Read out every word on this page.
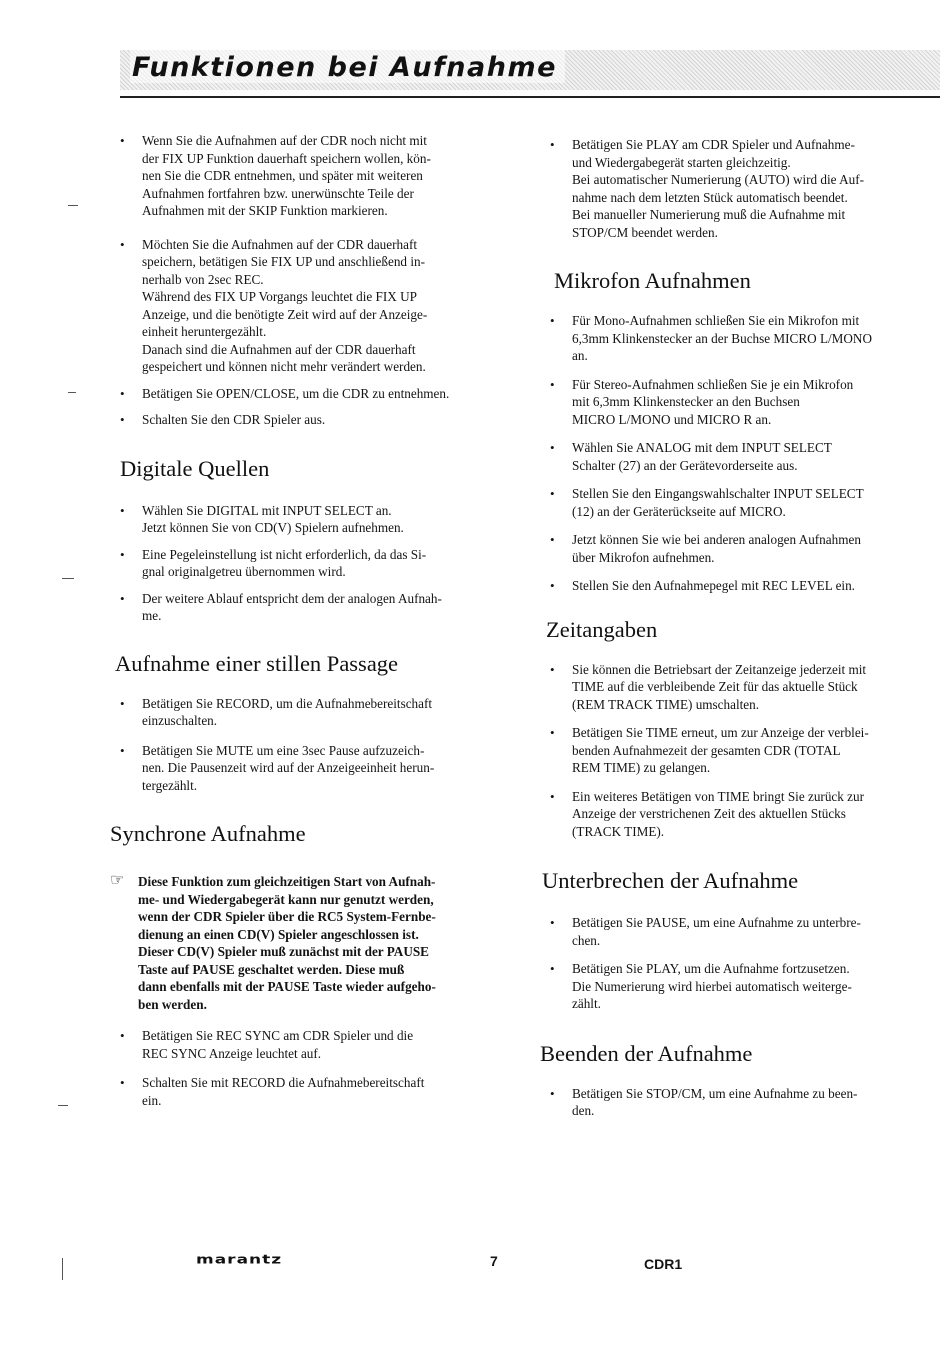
Funktionen bei Aufnahme

• Wenn Sie die Aufnahmen auf der CDR noch nicht mit
der FIX UP Funktion dauerhaft speichern wollen, kön-
nen Sie die CDR entnehmen, und später mit weiteren
Aufnahmen fortfahren bzw. unerwünschte Teile der
Aufnahmen mit der SKIP Funktion markieren.

• Möchten Sie die Aufnahmen auf der CDR dauerhaft
speichern, betätigen Sie FIX UP und anschließend in-
nerhalb von 2sec REC.
Während des FIX UP Vorgangs leuchtet die FIX UP
Anzeige, und die benötigte Zeit wird auf der Anzeige-
einheit heruntergezählt.
Danach sind die Aufnahmen auf der CDR dauerhaft
gespeichert und können nicht mehr verändert werden.

• Betätigen Sie OPEN/CLOSE, um die CDR zu entnehmen.

• Schalten Sie den CDR Spieler aus.

Digitale Quellen

• Wählen Sie DIGITAL mit INPUT SELECT an.
Jetzt können Sie von CD(V) Spielern aufnehmen.

• Eine Pegeleinstellung ist nicht erforderlich, da das Si-
gnal originalgetreu übernommen wird.

• Der weitere Ablauf entspricht dem der analogen Aufnah-
me.

Aufnahme einer stillen Passage

• Betätigen Sie RECORD, um die Aufnahmebereitschaft
einzuschalten.

• Betätigen Sie MUTE um eine 3sec Pause aufzuzeich-
nen. Die Pausenzeit wird auf der Anzeigeeinheit herun-
tergezählt.

Synchrone Aufnahme
☞ Diese Funktion zum gleichzeitigen Start von Aufnah-
me- und Wiedergabegerät kann nur genutzt werden,
wenn der CDR Spieler über die RC5 System-Fernbe-
dienung an einen CD(V) Spieler angeschlossen ist.
Dieser CD(V) Spieler muß zunächst mit der PAUSE
Taste auf PAUSE geschaltet werden. Diese muß
dann ebenfalls mit der PAUSE Taste wieder aufgeho-
ben werden.

• Betätigen Sie REC SYNC am CDR Spieler und die
REC SYNC Anzeige leuchtet auf.

• Schalten Sie mit RECORD die Aufnahmebereitschaft
ein.

• Betätigen Sie PLAY am CDR Spieler und Aufnahme-
und Wiedergabegerät starten gleichzeitig.
Bei automatischer Numerierung (AUTO) wird die Auf-
nahme nach dem letzten Stück automatisch beendet.
Bei manueller Numerierung muß die Aufnahme mit
STOP/CM beendet werden.

Mikrofon Aufnahmen

• Für Mono-Aufnahmen schließen Sie ein Mikrofon mit
6,3mm Klinkenstecker an der Buchse MICRO L/MONO
an.

• Für Stereo-Aufnahmen schließen Sie je ein Mikrofon
mit 6,3mm Klinkenstecker an den Buchsen
MICRO L/MONO und MICRO R an.

• Wählen Sie ANALOG mit dem INPUT SELECT
Schalter (27) an der Gerätevorderseite aus.

• Stellen Sie den Eingangswahlschalter INPUT SELECT
(12) an der Geräterückseite auf MICRO.

• Jetzt können Sie wie bei anderen analogen Aufnahmen
über Mikrofon aufnehmen.

• Stellen Sie den Aufnahmepegel mit REC LEVEL ein.

Zeitangaben

• Sie können die Betriebsart der Zeitanzeige jederzeit mit
TIME auf die verbleibende Zeit für das aktuelle Stück
(REM TRACK TIME) umschalten.

• Betätigen Sie TIME erneut, um zur Anzeige der verblei-
benden Aufnahmezeit der gesamten CDR (TOTAL
REM TIME) zu gelangen.

• Ein weiteres Betätigen von TIME bringt Sie zurück zur
Anzeige der verstrichenen Zeit des aktuellen Stücks
(TRACK TIME).

Unterbrechen der Aufnahme

• Betätigen Sie PAUSE, um eine Aufnahme zu unterbre-
chen.

• Betätigen Sie PLAY, um die Aufnahme fortzusetzen.
Die Numerierung wird hierbei automatisch weiterge-
zählt.

Beenden der Aufnahme

• Betätigen Sie STOP/CM, um eine Aufnahme zu been-
den.

marantz	7	CDR1
